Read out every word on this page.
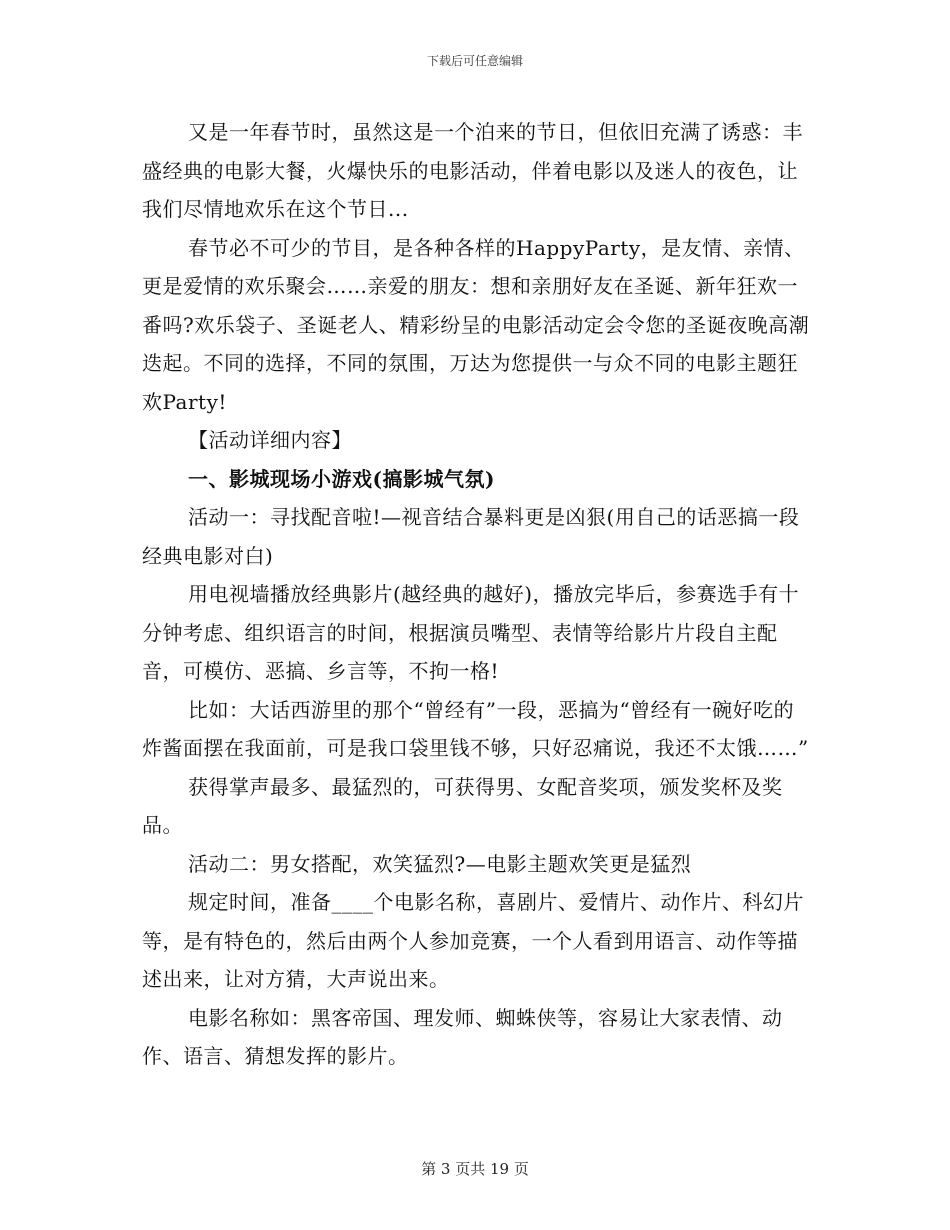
下载后可任意编辑

又是一年春节时，虽然这是一个泊来的节日，但依旧充满了诱惑：丰盛经典的电影大餐，火爆快乐的电影活动，伴着电影以及迷人的夜色，让我们尽情地欢乐在这个节日...

春节必不可少的节目，是各种各样的HappyParty，是友情、亲情、更是爱情的欢乐聚会……亲爱的朋友：想和亲朋好友在圣诞、新年狂欢一番吗?欢乐袋子、圣诞老人、精彩纷呈的电影活动定会令您的圣诞夜晚高潮迭起。不同的选择，不同的氛围，万达为您提供一与众不同的电影主题狂欢Party!

【活动详细内容】

一、影城现场小游戏(搞影城气氛)

活动一：寻找配音啦!—视音结合暴料更是凶狠(用自己的话恶搞一段经典电影对白)

用电视墙播放经典影片(越经典的越好)，播放完毕后，参赛选手有十分钟考虑、组织语言的时间，根据演员嘴型、表情等给影片片段自主配音，可模仿、恶搞、乡言等，不拘一格!

比如：大话西游里的那个“曾经有”一段，恶搞为“曾经有一碗好吃的炸酱面摆在我面前，可是我口袋里钱不够，只好忍痛说，我还不太饿……”

获得掌声最多、最猛烈的，可获得男、女配音奖项，颁发奖杯及奖品。

活动二：男女搭配，欢笑猛烈?—电影主题欢笑更是猛烈

规定时间，准备____个电影名称，喜剧片、爱情片、动作片、科幻片等，是有特色的，然后由两个人参加竞赛，一个人看到用语言、动作等描述出来，让对方猜，大声说出来。

电影名称如：黑客帝国、理发师、蜘蛛侠等，容易让大家表情、动作、语言、猜想发挥的影片。

第 3 页共 19 页
